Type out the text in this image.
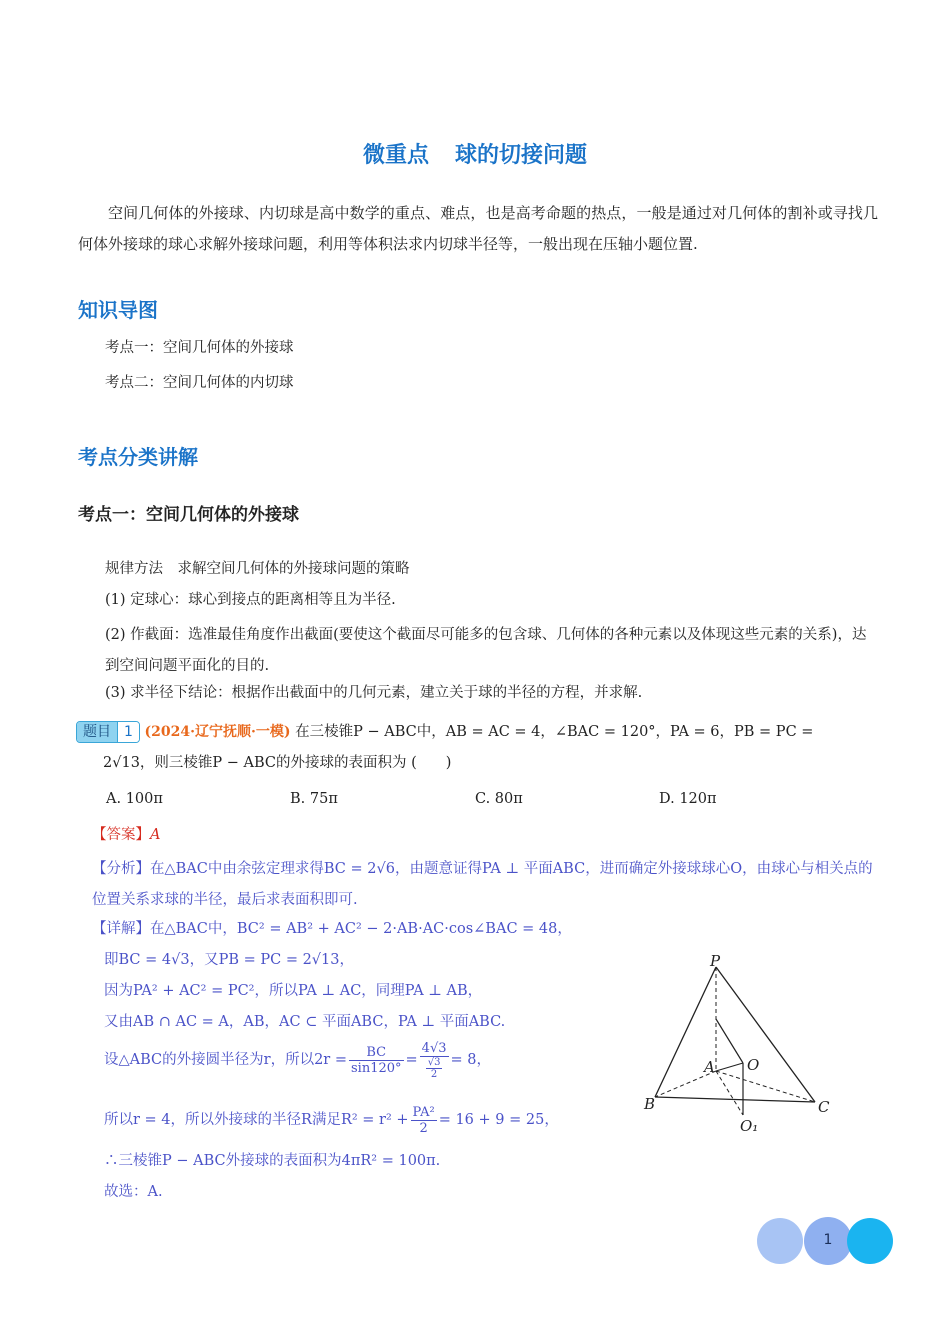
微重点 球的切接问题
空间几何体的外接球、内切球是高中数学的重点、难点，也是高考命题的热点，一般是通过对几何体的割补或寻找几何体外接球的球心求解外接球问题，利用等体积法求内切球半径等，一般出现在压轴小题位置.
知识导图
考点一：空间几何体的外接球
考点二：空间几何体的内切球
考点分类讲解
考点一：空间几何体的外接球
规律方法　求解空间几何体的外接球问题的策略
(1) 定球心：球心到接点的距离相等且为半径.
(2) 作截面：选准最佳角度作出截面(要使这个截面尽可能多的包含球、几何体的各种元素以及体现这些元素的关系)，达到空间问题平面化的目的.
(3) 求半径下结论：根据作出截面中的几何元素，建立关于球的半径的方程，并求解.
题目 1 (2024·辽宁抚顺·一模) 在三棱锥P − ABC中，AB = AC = 4，∠BAC = 120°，PA = 6，PB = PC =
2√13，则三棱锥P − ABC的外接球的表面积为 (　　)
A. 100π	B. 75π	C. 80π	D. 120π
【答案】A
【分析】在△BAC中由余弦定理求得BC = 2√6，由题意证得PA ⊥ 平面ABC，进而确定外接球球心O，由球心与相关点的位置关系求球的半径，最后求表面积即可.
【详解】在△BAC中，BC² = AB² + AC² − 2·AB·AC·cos∠BAC = 48，
即BC = 4√3，又PB = PC = 2√13，
因为PA² + AC² = PC²，所以PA ⊥ AC，同理PA ⊥ AB，
又由AB ∩ AC = A，AB，AC ⊂ 平面ABC，PA ⊥ 平面ABC.
设△ABC的外接圆半径为r，所以$2r = \frac{BC}{\sin 120^\circ} = \frac{4√3}{\frac{√3}{2}} = 8$，
所以r = 4，所以外接球的半径R满足$R^2 = r^2 + \frac{\text{PA²}}{2} = 16 + 9 = 25$，
∴三棱锥P − ABC外接球的表面积为4πR² = 100π.
故选：A.
P
A O
B	C
O₁
1
